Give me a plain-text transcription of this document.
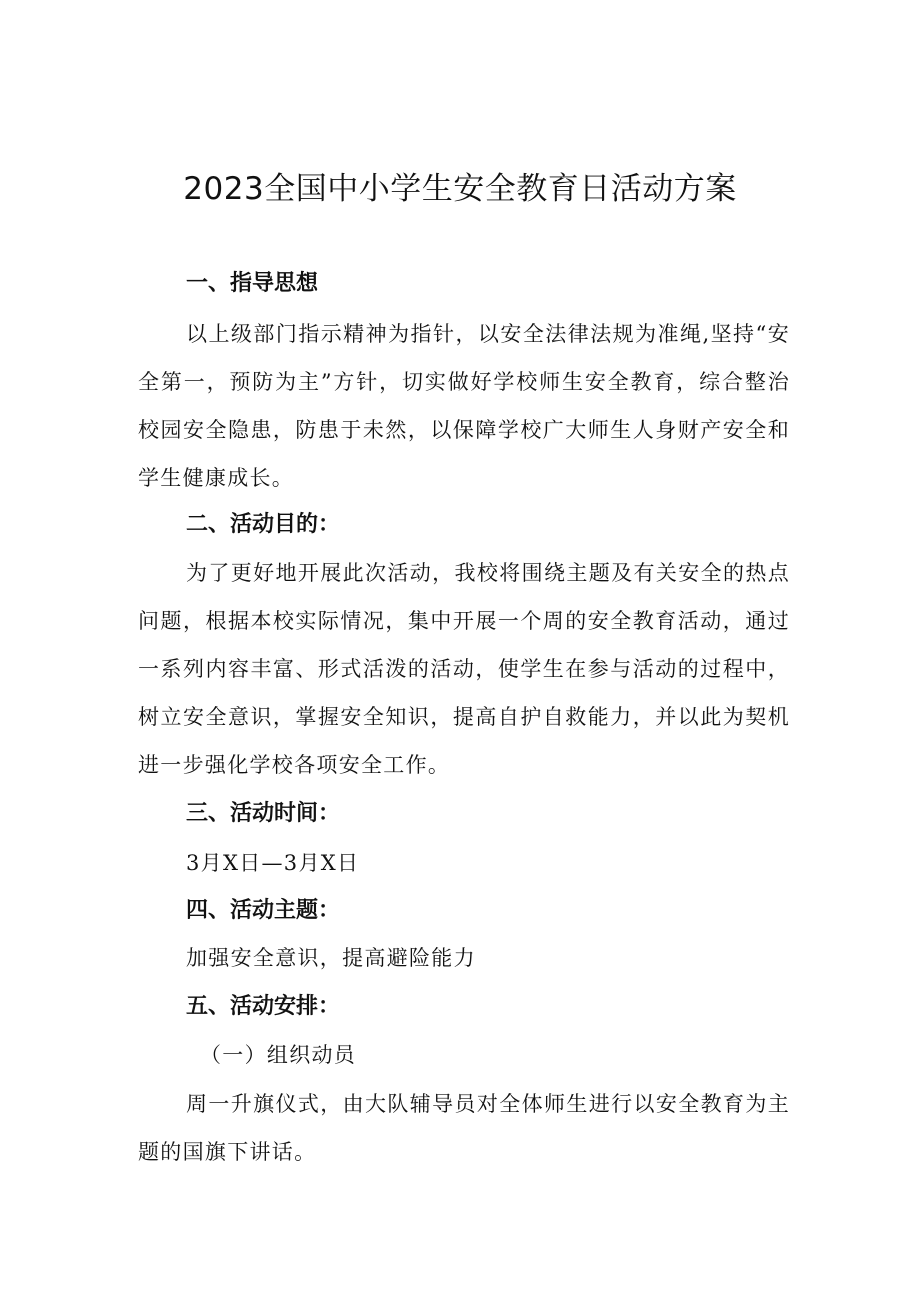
2023全国中小学生安全教育日活动方案
一、指导思想

以上级部门指示精神为指针，以安全法律法规为准绳,坚持“安全第一，预防为主”方针，切实做好学校师生安全教育，综合整治校园安全隐患，防患于未然，以保障学校广大师生人身财产安全和学生健康成长。

二、活动目的：

为了更好地开展此次活动，我校将围绕主题及有关安全的热点问题，根据本校实际情况，集中开展一个周的安全教育活动，通过一系列内容丰富、形式活泼的活动，使学生在参与活动的过程中，树立安全意识，掌握安全知识，提高自护自救能力，并以此为契机进一步强化学校各项安全工作。

三、活动时间：

3月X日—3月X日

四、活动主题：

加强安全意识，提高避险能力

五、活动安排：

（一）组织动员

周一升旗仪式，由大队辅导员对全体师生进行以安全教育为主题的国旗下讲话。
